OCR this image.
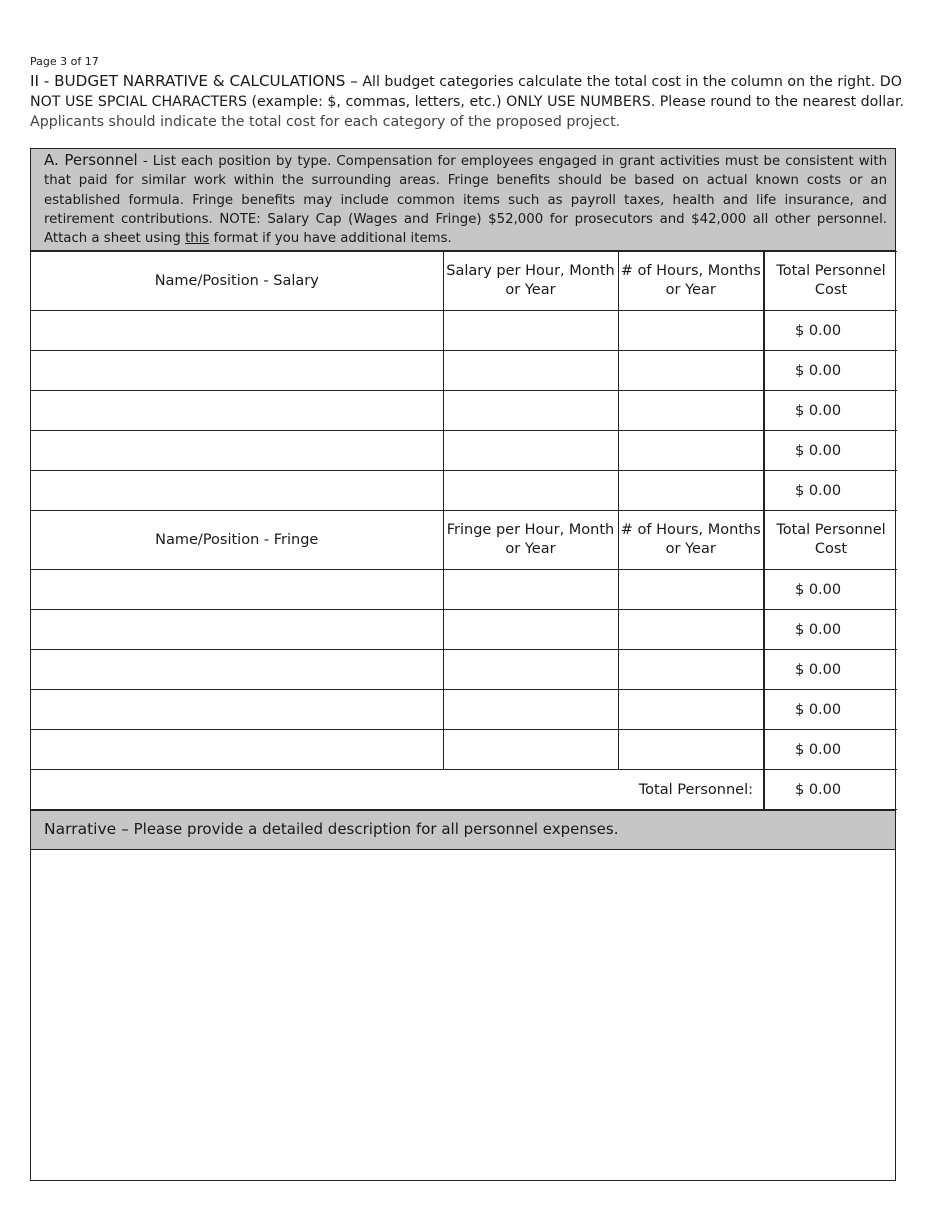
Page 3 of 17
II - BUDGET NARRATIVE & CALCULATIONS – All budget categories calculate the total cost in the column on the right. DO NOT USE SPCIAL CHARACTERS (example: $, commas, letters, etc.) ONLY USE NUMBERS. Please round to the nearest dollar. Applicants should indicate the total cost for each category of the proposed project.
A. Personnel - List each position by type. Compensation for employees engaged in grant activities must be consistent with that paid for similar work within the surrounding areas. Fringe benefits should be based on actual known costs or an established formula. Fringe benefits may include common items such as payroll taxes, health and life insurance, and retirement contributions. NOTE: Salary Cap (Wages and Fringe) $52,000 for prosecutors and $42,000 all other personnel. Attach a sheet using this format if you have additional items.
Name/Position - Salary	Salary per Hour, Month or Year	# of Hours, Months or Year	Total Personnel Cost
			$ 0.00
			$ 0.00
			$ 0.00
			$ 0.00
			$ 0.00
Name/Position - Fringe	Fringe per Hour, Month or Year	# of Hours, Months or Year	Total Personnel Cost
			$ 0.00
			$ 0.00
			$ 0.00
			$ 0.00
			$ 0.00
Total Personnel:			$ 0.00
Narrative – Please provide a detailed description for all personnel expenses.
